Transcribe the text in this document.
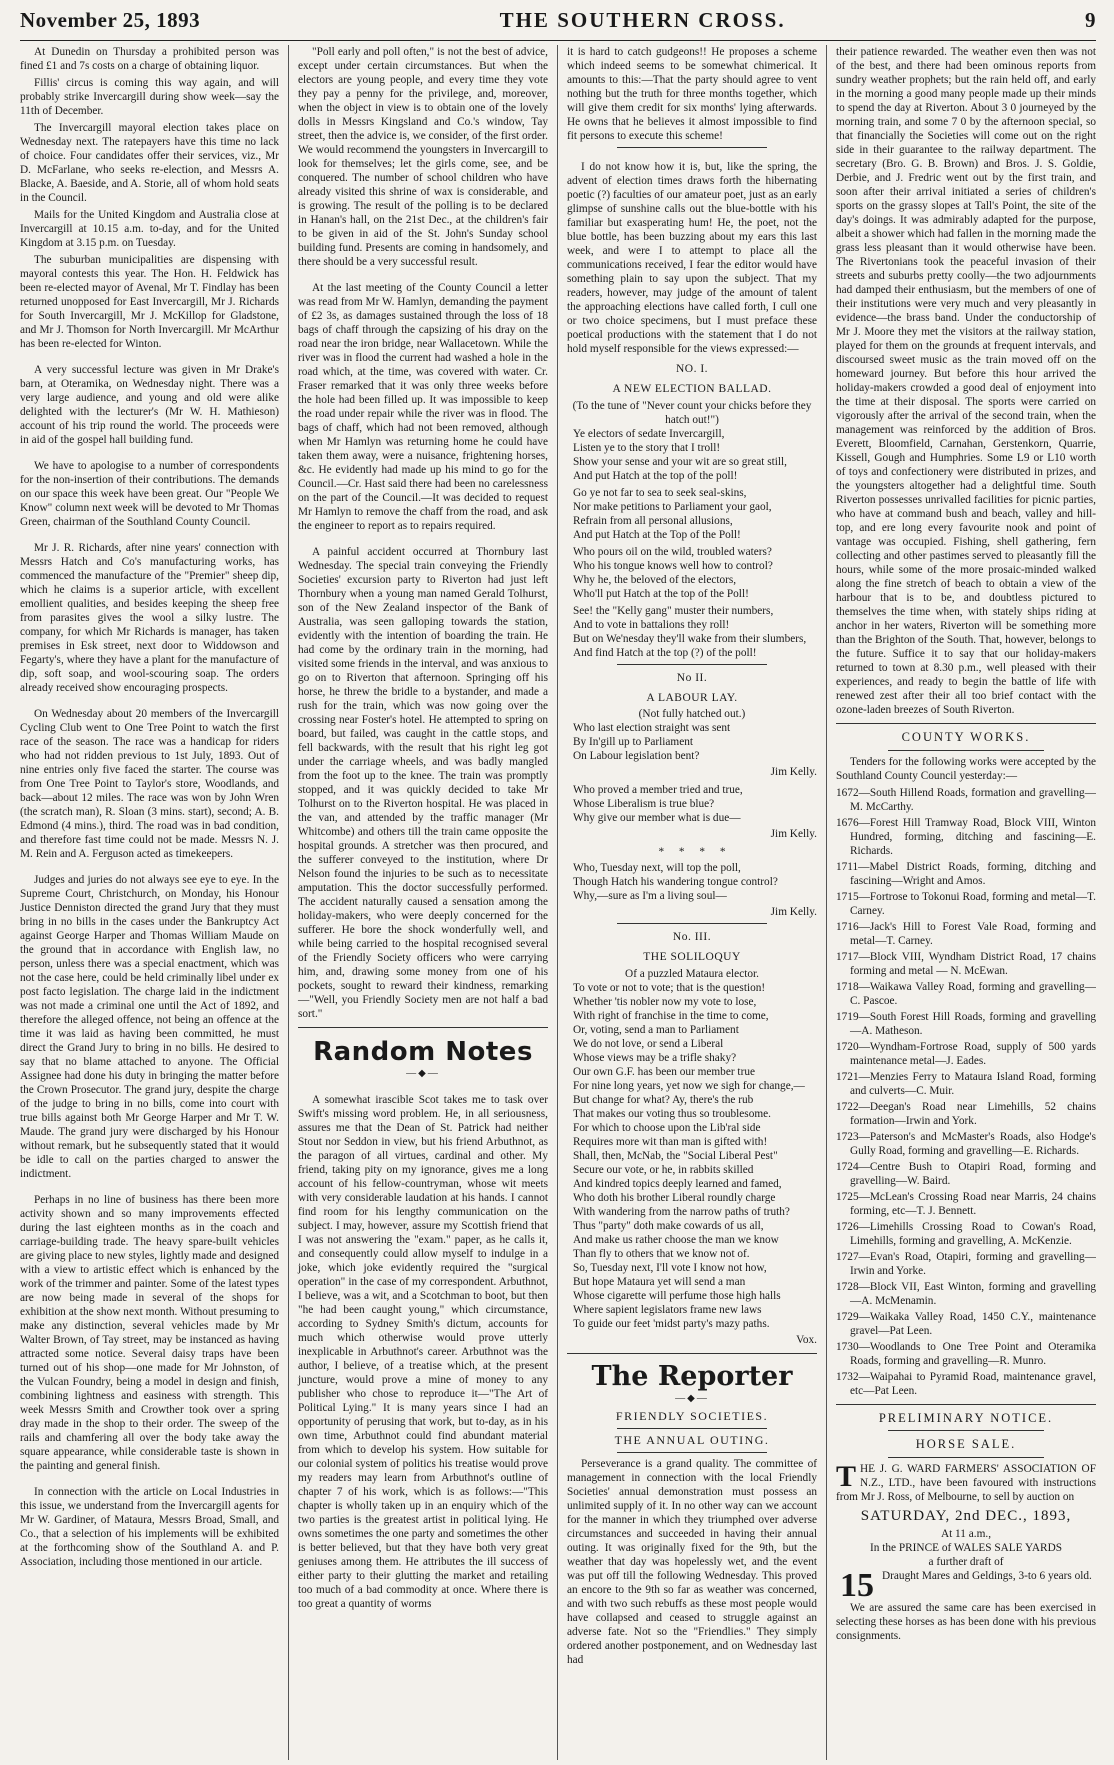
November 25, 1893	THE SOUTHERN CROSS.	9

At Dunedin on Thursday a prohibited person was fined £1 and 7s costs on a charge of obtaining liquor.

Fillis' circus is coming this way again, and will probably strike Invercargill during show week—say the 11th of December.

The Invercargill mayoral election takes place on Wednesday next. The ratepayers have this time no lack of choice. Four candidates offer their services, viz., Mr D. McFarlane, who seeks re-election, and Messrs A. Blacke, A. Baeside, and A. Storie, all of whom hold seats in the Council.

Mails for the United Kingdom and Australia close at Invercargill at 10.15 a.m. to-day, and for the United Kingdom at 3.15 p.m. on Tuesday.

The suburban municipalities are dispensing with mayoral contests this year. The Hon. H. Feldwick has been re-elected mayor of Avenal, Mr T. Findlay has been returned unopposed for East Invercargill, Mr J. Richards for South Invercargill, Mr J. McKillop for Gladstone, and Mr J. Thomson for North Invercargill. Mr McArthur has been re-elected for Winton.

A very successful lecture was given in Mr Drake's barn, at Oteramika, on Wednesday night. There was a very large audience, and young and old were alike delighted with the lecturer's (Mr W. H. Mathieson) account of his trip round the world. The proceeds were in aid of the gospel hall building fund.

We have to apologise to a number of correspondents for the non-insertion of their contributions. The demands on our space this week have been great. Our "People We Know" column next week will be devoted to Mr Thomas Green, chairman of the Southland County Council.

Mr J. R. Richards, after nine years' connection with Messrs Hatch and Co's manufacturing works, has commenced the manufacture of the "Premier" sheep dip, which he claims is a superior article, with excellent emollient qualities, and besides keeping the sheep free from parasites gives the wool a silky lustre. The company, for which Mr Richards is manager, has taken premises in Esk street, next door to Widdowson and Fegarty's, where they have a plant for the manufacture of dip, soft soap, and wool-scouring soap. The orders already received show encouraging prospects.

On Wednesday about 20 members of the Invercargill Cycling Club went to One Tree Point to watch the first race of the season. The race was a handicap for riders who had not ridden previous to 1st July, 1893. Out of nine entries only five faced the starter. The course was from One Tree Point to Taylor's store, Woodlands, and back—about 12 miles. The race was won by John Wren (the scratch man), R. Sloan (3 mins. start), second; A. B. Edmond (4 mins.), third. The road was in bad condition, and therefore fast time could not be made. Messrs N. J. M. Rein and A. Ferguson acted as timekeepers.

Judges and juries do not always see eye to eye. In the Supreme Court, Christchurch, on Monday, his Honour Justice Denniston directed the grand Jury that they must bring in no bills in the cases under the Bankruptcy Act against George Harper and Thomas William Maude on the ground that in accordance with English law, no person, unless there was a special enactment, which was not the case here, could be held criminally libel under ex post facto legislation. The charge laid in the indictment was not made a criminal one until the Act of 1892, and therefore the alleged offence, not being an offence at the time it was laid as having been committed, he must direct the Grand Jury to bring in no bills. He desired to say that no blame attached to anyone. The Official Assignee had done his duty in bringing the matter before the Crown Prosecutor. The grand jury, despite the charge of the judge to bring in no bills, come into court with true bills against both Mr George Harper and Mr T. W. Maude. The grand jury were discharged by his Honour without remark, but he subsequently stated that it would be idle to call on the parties charged to answer the indictment.

Perhaps in no line of business has there been more activity shown and so many improvements effected during the last eighteen months as in the coach and carriage-building trade. The heavy spare-built vehicles are giving place to new styles, lightly made and designed with a view to artistic effect which is enhanced by the work of the trimmer and painter. Some of the latest types are now being made in several of the shops for exhibition at the show next month. Without presuming to make any distinction, several vehicles made by Mr Walter Brown, of Tay street, may be instanced as having attracted some notice. Several daisy traps have been turned out of his shop—one made for Mr Johnston, of the Vulcan Foundry, being a model in design and finish, combining lightness and easiness with strength. This week Messrs Smith and Crowther took over a spring dray made in the shop to their order. The sweep of the rails and chamfering all over the body take away the square appearance, while considerable taste is shown in the painting and general finish.

In connection with the article on Local Industries in this issue, we understand from the Invercargill agents for Mr W. Gardiner, of Mataura, Messrs Broad, Small, and Co., that a selection of his implements will be exhibited at the forthcoming show of the Southland A. and P. Association, including those mentioned in our article.

"Poll early and poll often," is not the best of advice, except under certain circumstances. But when the electors are young people, and every time they vote they pay a penny for the privilege, and, moreover, when the object in view is to obtain one of the lovely dolls in Messrs Kingsland and Co.'s window, Tay street, then the advice is, we consider, of the first order. We would recommend the youngsters in Invercargill to look for themselves; let the girls come, see, and be conquered. The number of school children who have already visited this shrine of wax is considerable, and is growing. The result of the polling is to be declared in Hanan's hall, on the 21st Dec., at the children's fair to be given in aid of the St. John's Sunday school building fund. Presents are coming in handsomely, and there should be a very successful result.

At the last meeting of the County Council a letter was read from Mr W. Hamlyn, demanding the payment of £2 3s, as damages sustained through the loss of 18 bags of chaff through the capsizing of his dray on the road near the iron bridge, near Wallacetown. While the river was in flood the current had washed a hole in the road which, at the time, was covered with water. Cr. Fraser remarked that it was only three weeks before the hole had been filled up. It was impossible to keep the road under repair while the river was in flood. The bags of chaff, which had not been removed, although when Mr Hamlyn was returning home he could have taken them away, were a nuisance, frightening horses, &c. He evidently had made up his mind to go for the Council.—Cr. Hast said there had been no carelessness on the part of the Council.—It was decided to request Mr Hamlyn to remove the chaff from the road, and ask the engineer to report as to repairs required.

A painful accident occurred at Thornbury last Wednesday. The special train conveying the Friendly Societies' excursion party to Riverton had just left Thornbury when a young man named Gerald Tolhurst, son of the New Zealand inspector of the Bank of Australia, was seen galloping towards the station, evidently with the intention of boarding the train. He had come by the ordinary train in the morning, had visited some friends in the interval, and was anxious to go on to Riverton that afternoon. Springing off his horse, he threw the bridle to a bystander, and made a rush for the train, which was now going over the crossing near Foster's hotel. He attempted to spring on board, but failed, was caught in the cattle stops, and fell backwards, with the result that his right leg got under the carriage wheels, and was badly mangled from the foot up to the knee. The train was promptly stopped, and it was quickly decided to take Mr Tolhurst on to the Riverton hospital. He was placed in the van, and attended by the traffic manager (Mr Whitcombe) and others till the train came opposite the hospital grounds. A stretcher was then procured, and the sufferer conveyed to the institution, where Dr Nelson found the injuries to be such as to necessitate amputation. This the doctor successfully performed. The accident naturally caused a sensation among the holiday-makers, who were deeply concerned for the sufferer. He bore the shock wonderfully well, and while being carried to the hospital recognised several of the Friendly Society officers who were carrying him, and, drawing some money from one of his pockets, sought to reward their kindness, remarking—"Well, you Friendly Society men are not half a bad sort."

Random Notes
—◆—

A somewhat irascible Scot takes me to task over Swift's missing word problem. He, in all seriousness, assures me that the Dean of St. Patrick had neither Stout nor Seddon in view, but his friend Arbuthnot, as the paragon of all virtues, cardinal and other. My friend, taking pity on my ignorance, gives me a long account of his fellow-countryman, whose wit meets with very considerable laudation at his hands. I cannot find room for his lengthy communication on the subject. I may, however, assure my Scottish friend that I was not answering the "exam." paper, as he calls it, and consequently could allow myself to indulge in a joke, which joke evidently required the "surgical operation" in the case of my correspondent. Arbuthnot, I believe, was a wit, and a Scotchman to boot, but then "he had been caught young," which circumstance, according to Sydney Smith's dictum, accounts for much which otherwise would prove utterly inexplicable in Arbuthnot's career. Arbuthnot was the author, I believe, of a treatise which, at the present juncture, would prove a mine of money to any publisher who chose to reproduce it—"The Art of Political Lying." It is many years since I had an opportunity of perusing that work, but to-day, as in his own time, Arbuthnot could find abundant material from which to develop his system. How suitable for our colonial system of politics his treatise would prove my readers may learn from Arbuthnot's outline of chapter 7 of his work, which is as follows:—"This chapter is wholly taken up in an enquiry which of the two parties is the greatest artist in political lying. He owns sometimes the one party and sometimes the other is better believed, but that they have both very great geniuses among them. He attributes the ill success of either party to their glutting the market and retailing too much of a bad commodity at once. Where there is too great a quantity of worms

it is hard to catch gudgeons!! He proposes a scheme which indeed seems to be somewhat chimerical. It amounts to this:—That the party should agree to vent nothing but the truth for three months together, which will give them credit for six months' lying afterwards. He owns that he believes it almost impossible to find fit persons to execute this scheme!

I do not know how it is, but, like the spring, the advent of election times draws forth the hibernating poetic (?) faculties of our amateur poet, just as an early glimpse of sunshine calls out the blue-bottle with his familiar but exasperating hum! He, the poet, not the blue bottle, has been buzzing about my ears this last week, and were I to attempt to place all the communications received, I fear the editor would have something plain to say upon the subject. That my readers, however, may judge of the amount of talent the approaching elections have called forth, I cull one or two choice specimens, but I must preface these poetical productions with the statement that I do not hold myself responsible for the views expressed:—

NO. I.
A NEW ELECTION BALLAD.
(To the tune of "Never count your chicks before they hatch out!")
Ye electors of sedate Invercargill,
Listen ye to the story that I troll!
Show your sense and your wit are so great still,
And put Hatch at the top of the poll!
Go ye not far to sea to seek seal-skins,
Nor make petitions to Parliament your gaol,
Refrain from all personal allusions,
And put Hatch at the Top of the Poll!
Who pours oil on the wild, troubled waters?
Who his tongue knows well how to control?
Why he, the beloved of the electors,
Who'll put Hatch at the top of the Poll!
See! the "Kelly gang" muster their numbers,
And to vote in battalions they roll!
But on We'nesday they'll wake from their slumbers,
And find Hatch at the top (?) of the poll!
No II.
A LABOUR LAY.
(Not fully hatched out.)
Who last election straight was sent
By In'gill up to Parliament
On Labour legislation bent?
Jim Kelly.
Who proved a member tried and true,
Whose Liberalism is true blue?
Why give our member what is due—
Jim Kelly.
* * * *
Who, Tuesday next, will top the poll,
Though Hatch his wandering tongue control?
Why,—sure as I'm a living soul—
Jim Kelly.
No. III.
THE SOLILOQUY
Of a puzzled Mataura elector.
To vote or not to vote; that is the question!
Whether 'tis nobler now my vote to lose,
With right of franchise in the time to come,
Or, voting, send a man to Parliament
We do not love, or send a Liberal
Whose views may be a trifle shaky?
Our own G.F. has been our member true
For nine long years, yet now we sigh for change,—
But change for what? Ay, there's the rub
That makes our voting thus so troublesome.
For which to choose upon the Lib'ral side
Requires more wit than man is gifted with!
Shall, then, McNab, the "Social Liberal Pest"
Secure our vote, or he, in rabbits skilled
And kindred topics deeply learned and famed,
Who doth his brother Liberal roundly charge
With wandering from the narrow paths of truth?
Thus "party" doth make cowards of us all,
And make us rather choose the man we know
Than fly to others that we know not of.
So, Tuesday next, I'll vote I know not how,
But hope Mataura yet will send a man
Whose cigarette will perfume those high halls
Where sapient legislators frame new laws
To guide our feet 'midst party's mazy paths.
Vox.
The Reporter
—◆—
FRIENDLY SOCIETIES.
THE ANNUAL OUTING.

Perseverance is a grand quality. The committee of management in connection with the local Friendly Societies' annual demonstration must possess an unlimited supply of it. In no other way can we account for the manner in which they triumphed over adverse circumstances and succeeded in having their annual outing. It was originally fixed for the 9th, but the weather that day was hopelessly wet, and the event was put off till the following Wednesday. This proved an encore to the 9th so far as weather was concerned, and with two such rebuffs as these most people would have collapsed and ceased to struggle against an adverse fate. Not so the "Friendlies." They simply ordered another postponement, and on Wednesday last had

their patience rewarded. The weather even then was not of the best, and there had been ominous reports from sundry weather prophets; but the rain held off, and early in the morning a good many people made up their minds to spend the day at Riverton. About 3 0 journeyed by the morning train, and some 7 0 by the afternoon special, so that financially the Societies will come out on the right side in their guarantee to the railway department. The secretary (Bro. G. B. Brown) and Bros. J. S. Goldie, Derbie, and J. Fredric went out by the first train, and soon after their arrival initiated a series of children's sports on the grassy slopes at Tall's Point, the site of the day's doings. It was admirably adapted for the purpose, albeit a shower which had fallen in the morning made the grass less pleasant than it would otherwise have been. The Rivertonians took the peaceful invasion of their streets and suburbs pretty coolly—the two adjournments had damped their enthusiasm, but the members of one of their institutions were very much and very pleasantly in evidence—the brass band. Under the conductorship of Mr J. Moore they met the visitors at the railway station, played for them on the grounds at frequent intervals, and discoursed sweet music as the train moved off on the homeward journey. But before this hour arrived the holiday-makers crowded a good deal of enjoyment into the time at their disposal. The sports were carried on vigorously after the arrival of the second train, when the management was reinforced by the addition of Bros. Everett, Bloomfield, Carnahan, Gerstenkorn, Quarrie, Kissell, Gough and Humphries. Some L9 or L10 worth of toys and confectionery were distributed in prizes, and the youngsters altogether had a delightful time. South Riverton possesses unrivalled facilities for picnic parties, who have at command bush and beach, valley and hill-top, and ere long every favourite nook and point of vantage was occupied. Fishing, shell gathering, fern collecting and other pastimes served to pleasantly fill the hours, while some of the more prosaic-minded walked along the fine stretch of beach to obtain a view of the harbour that is to be, and doubtless pictured to themselves the time when, with stately ships riding at anchor in her waters, Riverton will be something more than the Brighton of the South. That, however, belongs to the future. Suffice it to say that our holiday-makers returned to town at 8.30 p.m., well pleased with their experiences, and ready to begin the battle of life with renewed zest after their all too brief contact with the ozone-laden breezes of South Riverton.

COUNTY WORKS.

Tenders for the following works were accepted by the Southland County Council yesterday:—

1672—South Hillend Roads, formation and gravelling—M. McCarthy.

1676—Forest Hill Tramway Road, Block VIII, Winton Hundred, forming, ditching and fascining—E. Richards.

1711—Mabel District Roads, forming, ditching and fascining—Wright and Amos.

1715—Fortrose to Tokonui Road, forming and metal—T. Carney.

1716—Jack's Hill to Forest Vale Road, forming and metal—T. Carney.

1717—Block VIII, Wyndham District Road, 17 chains forming and metal — N. McEwan.

1718—Waikawa Valley Road, forming and gravelling—C. Pascoe.

1719—South Forest Hill Roads, forming and gravelling—A. Matheson.

1720—Wyndham-Fortrose Road, supply of 500 yards maintenance metal—J. Eades.

1721—Menzies Ferry to Mataura Island Road, forming and culverts—C. Muir.

1722—Deegan's Road near Limehills, 52 chains formation—Irwin and York.

1723—Paterson's and McMaster's Roads, also Hodge's Gully Road, forming and gravelling—E. Richards.

1724—Centre Bush to Otapiri Road, forming and gravelling—W. Baird.

1725—McLean's Crossing Road near Marris, 24 chains forming, etc—T. J. Bennett.

1726—Limehills Crossing Road to Cowan's Road, Limehills, forming and gravelling, A. McKenzie.

1727—Evan's Road, Otapiri, forming and gravelling—Irwin and Yorke.

1728—Block VII, East Winton, forming and gravelling—A. McMenamin.

1729—Waikaka Valley Road, 1450 C.Y., maintenance gravel—Pat Leen.

1730—Woodlands to One Tree Point and Oteramika Roads, forming and gravelling—R. Munro.

1732—Waipahai to Pyramid Road, maintenance gravel, etc—Pat Leen.

PRELIMINARY NOTICE.
HORSE SALE.

THE J. G. WARD FARMERS' ASSOCIATION OF N.Z., LTD., have been favoured with instructions from Mr J. Ross, of Melbourne, to sell by auction on

SATURDAY, 2nd DEC., 1893,
At 11 a.m.,
In the PRINCE of WALES SALE YARDS
a further draft of
15 Draught Mares and Geldings, 3-to 6 years old.

We are assured the same care has been exercised in selecting these horses as has been done with his previous consignments.
